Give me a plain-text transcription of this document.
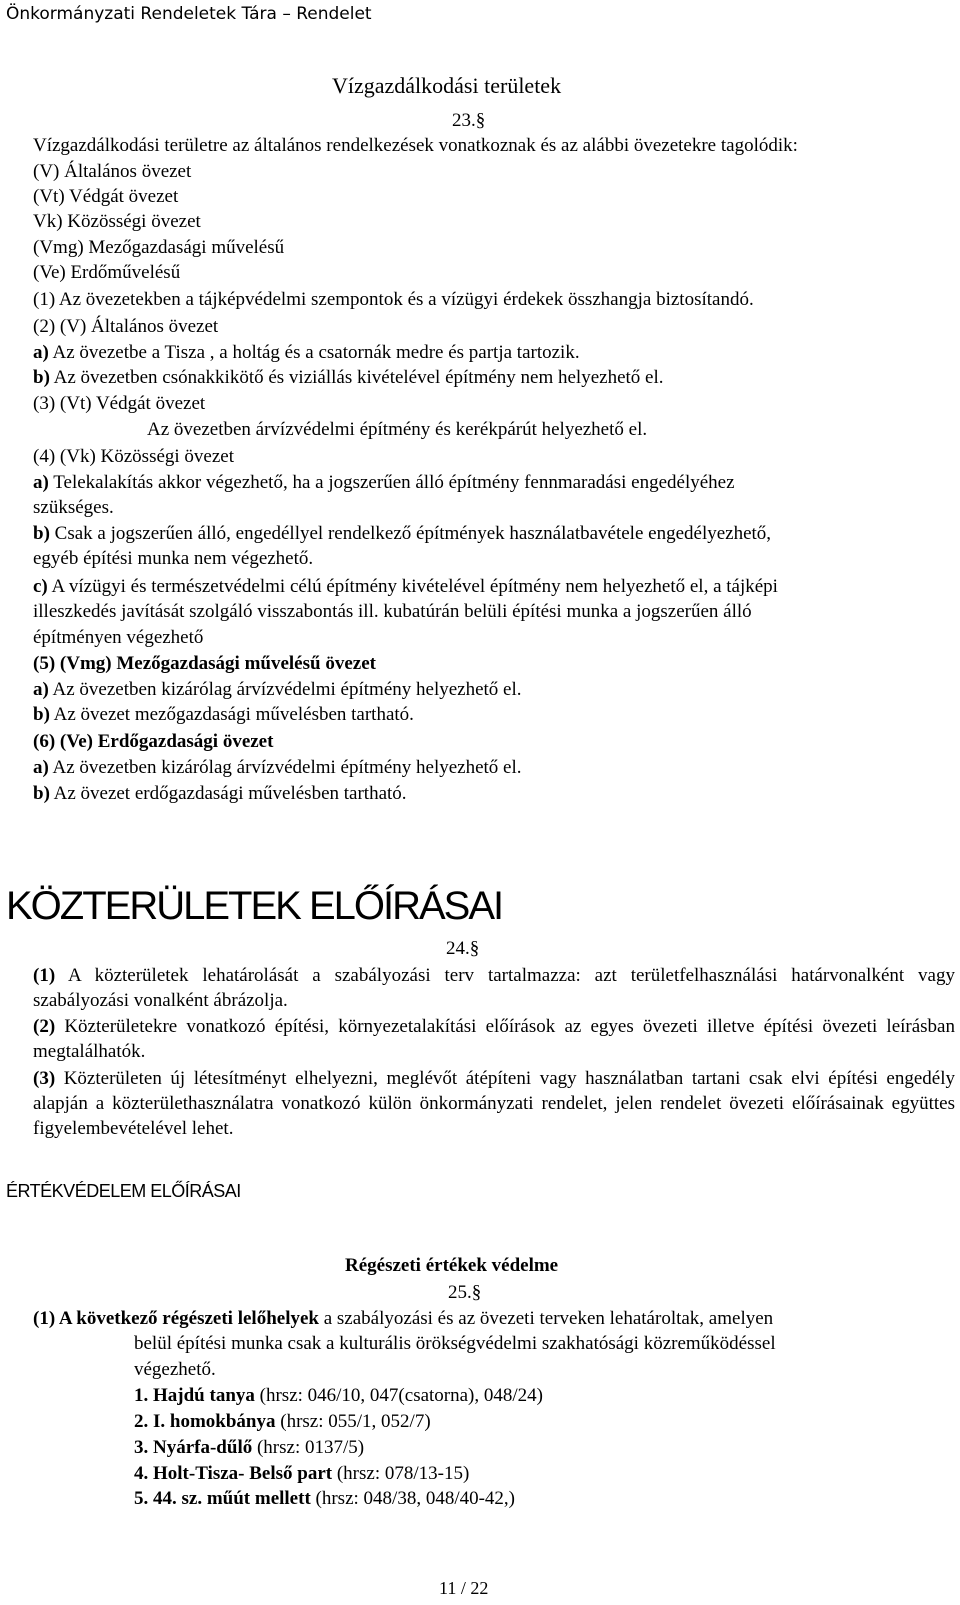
Önkormányzati Rendeletek Tára – Rendelet
Vízgazdálkodási területek
23.§
Vízgazdálkodási területre az általános rendelkezések vonatkoznak és az alábbi övezetekre tagolódik:
(V) Általános övezet
(Vt) Védgát övezet
Vk) Közösségi övezet
(Vmg) Mezőgazdasági művelésű
(Ve) Erdőművelésű
(1) Az övezetekben a tájképvédelmi szempontok és a vízügyi érdekek összhangja biztosítandó.
(2) (V) Általános övezet
a) Az övezetbe a Tisza , a holtág és a csatornák medre és partja tartozik.
b) Az övezetben csónakkikötő és viziállás kivételével építmény nem helyezhető el.
(3) (Vt) Védgát övezet
Az övezetben árvízvédelmi építmény és kerékpárút helyezhető el.
(4) (Vk) Közösségi övezet
a) Telekalakítás akkor végezhető, ha a jogszerűen álló építmény fennmaradási engedélyéhez
szükséges.
b) Csak a jogszerűen álló, engedéllyel rendelkező építmények használatbavétele engedélyezhető,
egyéb építési munka nem végezhető.
c) A vízügyi és természetvédelmi célú építmény kivételével építmény nem helyezhető el, a tájképi
illeszkedés javítását szolgáló visszabontás ill. kubatúrán belüli építési munka a jogszerűen álló
építményen végezhető
(5) (Vmg) Mezőgazdasági művelésű övezet
a) Az övezetben kizárólag árvízvédelmi építmény helyezhető el.
b) Az övezet mezőgazdasági művelésben tartható.
(6) (Ve) Erdőgazdasági övezet
a) Az övezetben kizárólag árvízvédelmi építmény helyezhető el.
b) Az övezet erdőgazdasági művelésben tartható.
KÖZTERÜLETEK ELŐÍRÁSAI
24.§
(1) A közterületek lehatárolását a szabályozási terv tartalmazza: azt területfelhasználási határvonalként vagy szabályozási vonalként ábrázolja.
(2) Közterületekre vonatkozó építési, környezetalakítási előírások az egyes övezeti illetve építési övezeti leírásban megtalálhatók.
(3) Közterületen új létesítményt elhelyezni, meglévőt átépíteni vagy használatban tartani csak elvi építési engedély alapján a közterülethasználatra vonatkozó külön önkormányzati rendelet, jelen rendelet övezeti előírásainak együttes figyelembevételével lehet.
ÉRTÉKVÉDELEM ELŐÍRÁSAI
Régészeti értékek védelme
25.§
(1) A következő régészeti lelőhelyek a szabályozási és az övezeti terveken lehatároltak, amelyen
belül építési munka csak a kulturális örökségvédelmi szakhatósági közreműködéssel
végezhető.
1. Hajdú tanya (hrsz: 046/10, 047(csatorna), 048/24)
2. I. homokbánya (hrsz: 055/1, 052/7)
3. Nyárfa-dűlő (hrsz: 0137/5)
4. Holt-Tisza- Belső part (hrsz: 078/13-15)
5. 44. sz. műút mellett (hrsz: 048/38, 048/40-42,)
11 / 22
